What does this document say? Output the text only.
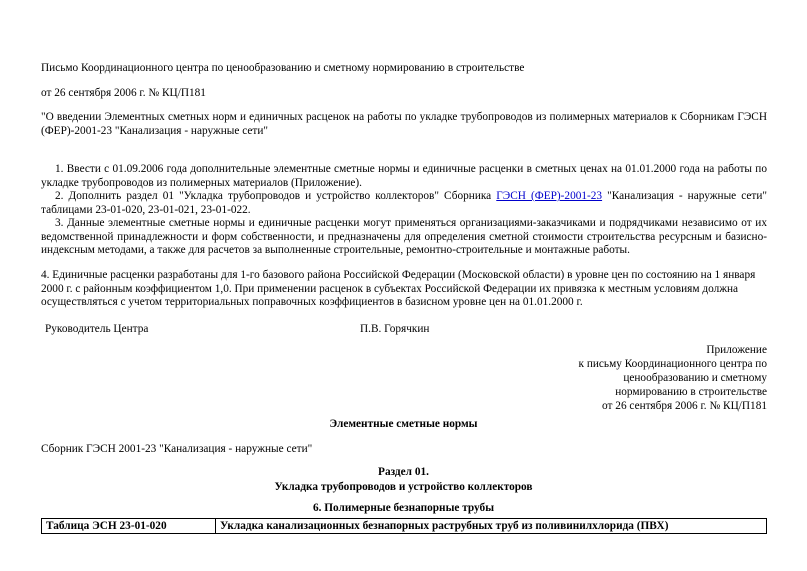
Письмо Координационного центра по ценообразованию и сметному нормированию в строительстве
от 26 сентября 2006 г. № КЦ/П181
"О введении Элементных сметных норм и единичных расценок на работы по укладке трубопроводов из полимерных материалов к Сборникам ГЭСН (ФЕР)-2001-23 "Канализация - наружные сети"
1. Ввести с 01.09.2006 года дополнительные элементные сметные нормы и единичные расценки в сметных ценах на 01.01.2000 года на работы по укладке трубопроводов из полимерных материалов (Приложение).
2. Дополнить раздел 01 "Укладка трубопроводов и устройство коллекторов" Сборника ГЭСН (ФЕР)-2001-23 "Канализация - наружные сети" таблицами 23-01-020, 23-01-021, 23-01-022.
3. Данные элементные сметные нормы и единичные расценки могут применяться организациями-заказчиками и подрядчиками независимо от их ведомственной принадлежности и форм собственности, и предназначены для определения сметной стоимости строительства ресурсным и базисно-индексным методами, а также для расчетов за выполненные строительные, ремонтно-строительные и монтажные работы.
4. Единичные расценки разработаны для 1-го базового района Российской Федерации (Московской области) в уровне цен по состоянию на 1 января 2000 г. с районным коэффициентом 1,0. При применении расценок в субъектах Российской Федерации их привязка к местным условиям должна осуществляться с учетом территориальных поправочных коэффициентов в базисном уровне цен на 01.01.2000 г.
Руководитель Центра	П.В. Горячкин
Приложение
к письму Координационного центра по
ценообразованию и сметному
нормированию в строительстве
от 26 сентября 2006 г. № КЦ/П181
Элементные сметные нормы
Сборник ГЭСН 2001-23 "Канализация - наружные сети"
Раздел 01.
Укладка трубопроводов и устройство коллекторов
6. Полимерные безнапорные трубы
Таблица ЭСН 23-01-020	Укладка канализационных безнапорных раструбных труб из поливинилхлорида (ПВХ)
